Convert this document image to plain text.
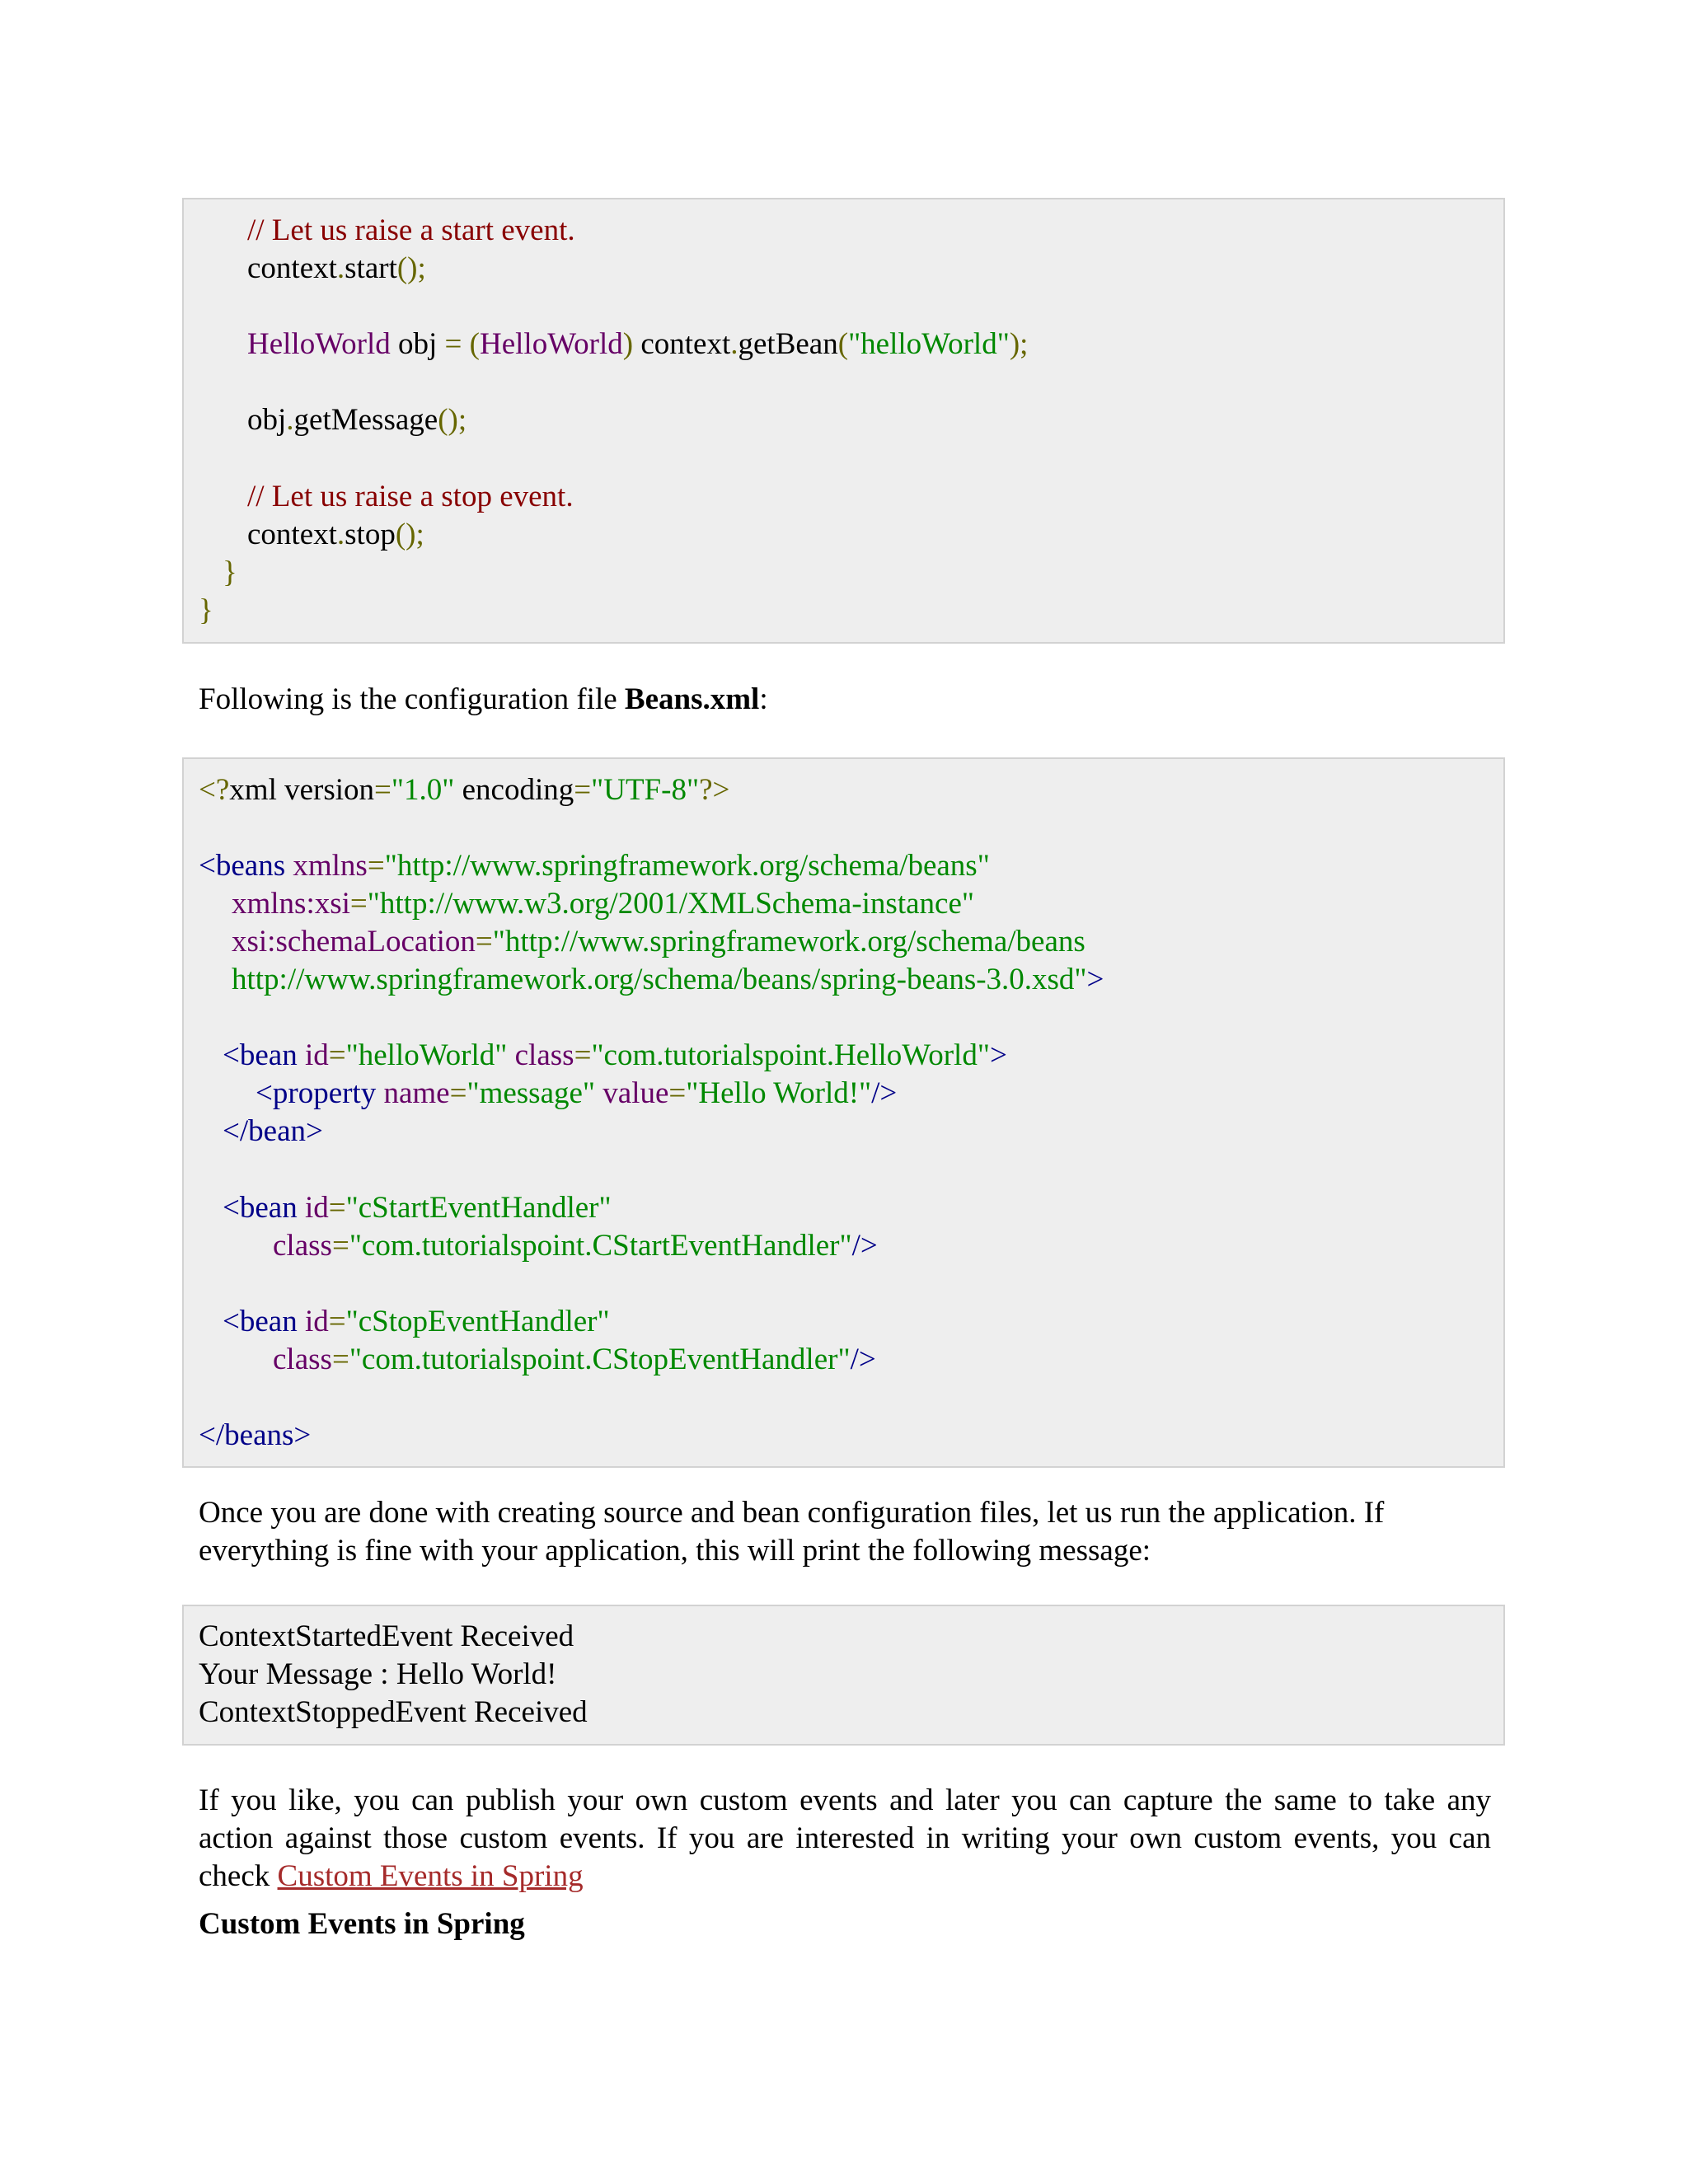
// Let us raise a start event.
context.start();
HelloWorld obj = (HelloWorld) context.getBean("helloWorld");
obj.getMessage();
// Let us raise a stop event.
context.stop();
}
}
Following is the configuration file Beans.xml:
<?xml version="1.0" encoding="UTF-8"?>
<beans xmlns="http://www.springframework.org/schema/beans"
xmlns:xsi="http://www.w3.org/2001/XMLSchema-instance"
xsi:schemaLocation="http://www.springframework.org/schema/beans
http://www.springframework.org/schema/beans/spring-beans-3.0.xsd">
<bean id="helloWorld" class="com.tutorialspoint.HelloWorld">
<property name="message" value="Hello World!"/>
</bean>
<bean id="cStartEventHandler"
class="com.tutorialspoint.CStartEventHandler"/>
<bean id="cStopEventHandler"
class="com.tutorialspoint.CStopEventHandler"/>
</beans>
Once you are done with creating source and bean configuration files, let us run the application. If
everything is fine with your application, this will print the following message:
ContextStartedEvent Received
Your Message : Hello World!
ContextStoppedEvent Received
If you like, you can publish your own custom events and later you can capture the same to take any action against those custom events. If you are interested in writing your own custom events, you can check Custom Events in Spring
Custom Events in Spring
